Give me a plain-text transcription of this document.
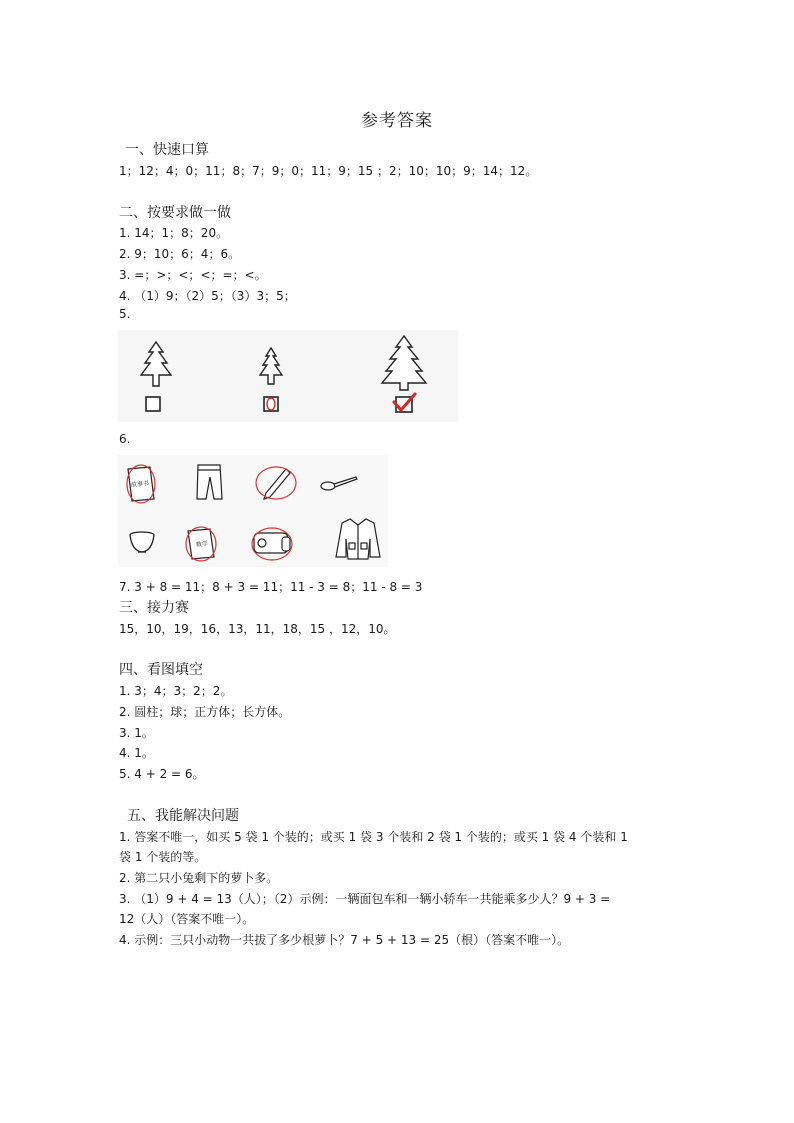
参考答案
一、快速口算
1；12；4；0；11；8；7；9；0；11；9；15 ；2；10；10；9；14；12。
二、按要求做一做
1. 14；1；8；20。
2. 9；10；6；4；6。
3. =；>；<；<；=；<。
4. （1）9；（2）5；（3）3；5；
5.
6.
故事书
数学
7. 3 + 8 = 11；8 + 3 = 11；11 - 3 = 8；11 - 8 = 3
三、接力赛
15，10，19，16，13，11，18，15 ，12，10。
四、看图填空
1. 3；4；3；2；2。
2. 圆柱；球；正方体；长方体。
3. 1。
4. 1。
5. 4 + 2 = 6。
五、我能解决问题
1. 答案不唯一，如买 5 袋 1 个装的；或买 1 袋 3 个装和 2 袋 1 个装的；或买 1 袋 4 个装和 1
袋 1 个装的等。
2. 第二只小兔剩下的萝卜多。
3. （1）9 + 4 = 13（人）；（2）示例：一辆面包车和一辆小轿车一共能乘多少人？9 + 3 =
12（人）（答案不唯一）。
4. 示例：三只小动物一共拔了多少根萝卜？7 + 5 + 13 = 25（根）（答案不唯一）。
